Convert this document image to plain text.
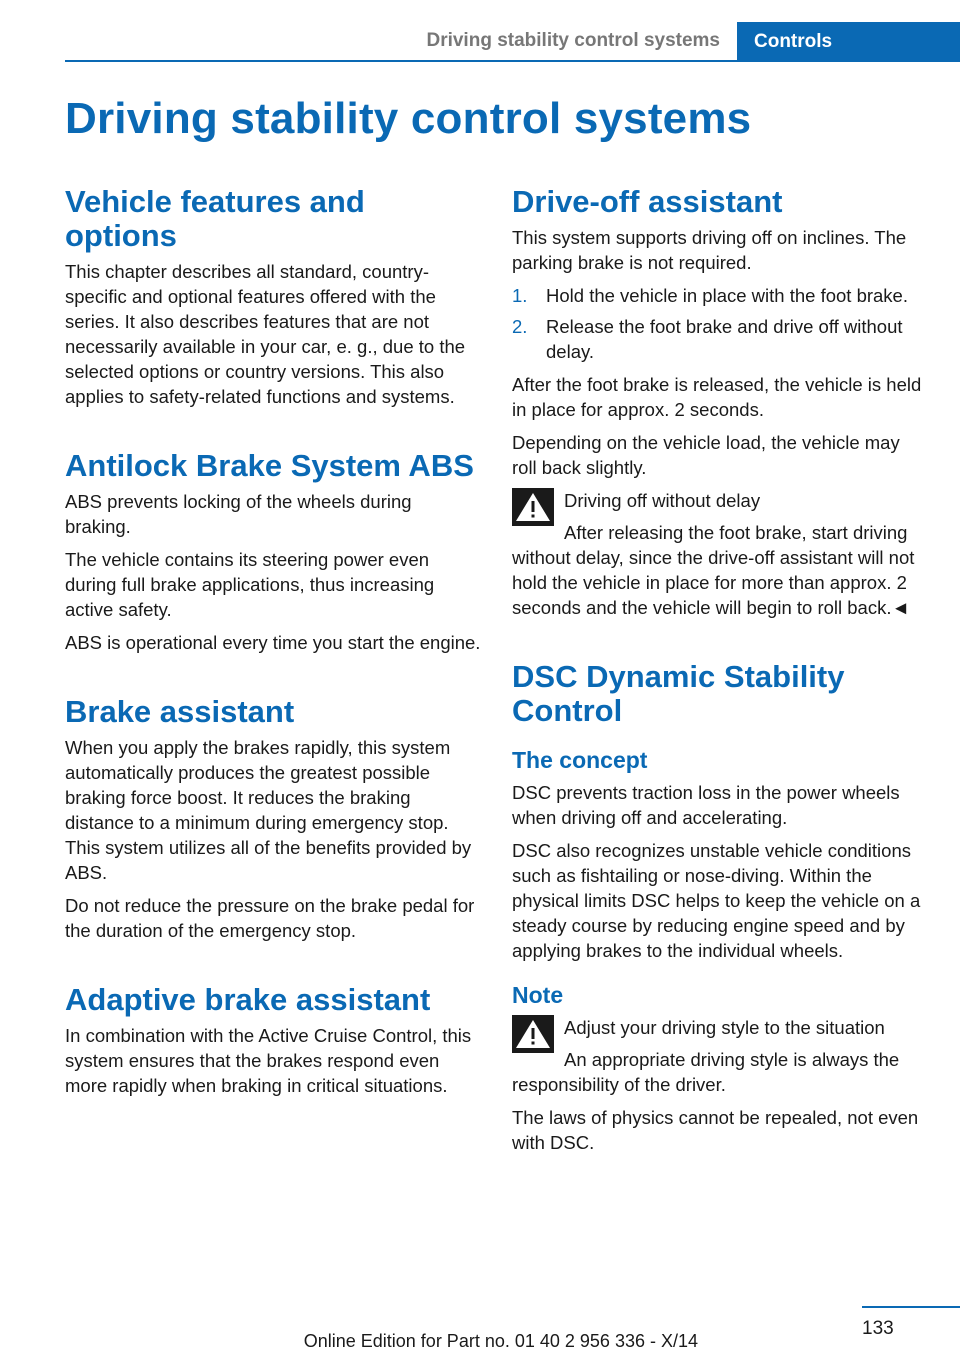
Driving stability control systems	Controls
Driving stability control systems
Vehicle features and options

This chapter describes all standard, country-specific and optional features offered with the series. It also describes features that are not necessarily available in your car, e. g., due to the selected options or country versions. This also applies to safety-related functions and systems.

Antilock Brake System ABS

ABS prevents locking of the wheels during braking.

The vehicle contains its steering power even during full brake applications, thus increasing active safety.

ABS is operational every time you start the engine.

Brake assistant

When you apply the brakes rapidly, this system automatically produces the greatest possible braking force boost. It reduces the braking distance to a minimum during emergency stop. This system utilizes all of the benefits provided by ABS.

Do not reduce the pressure on the brake pedal for the duration of the emergency stop.

Adaptive brake assistant

In combination with the Active Cruise Control, this system ensures that the brakes respond even more rapidly when braking in critical situations.

Drive-off assistant

This system supports driving off on inclines. The parking brake is not required.

1. Hold the vehicle in place with the foot brake.
2. Release the foot brake and drive off without delay.

After the foot brake is released, the vehicle is held in place for approx. 2 seconds.

Depending on the vehicle load, the vehicle may roll back slightly.

Driving off without delay
After releasing the foot brake, start driving without delay, since the drive-off assistant will not hold the vehicle in place for more than approx. 2 seconds and the vehicle will begin to roll back.◄
DSC Dynamic Stability Control
The concept

DSC prevents traction loss in the power wheels when driving off and accelerating.

DSC also recognizes unstable vehicle conditions such as fishtailing or nose-diving. Within the physical limits DSC helps to keep the vehicle on a steady course by reducing engine speed and by applying brakes to the individual wheels.

Note
Adjust your driving style to the situation
An appropriate driving style is always the responsibility of the driver.

The laws of physics cannot be repealed, not even with DSC.

133
Online Edition for Part no. 01 40 2 956 336 - X/14
